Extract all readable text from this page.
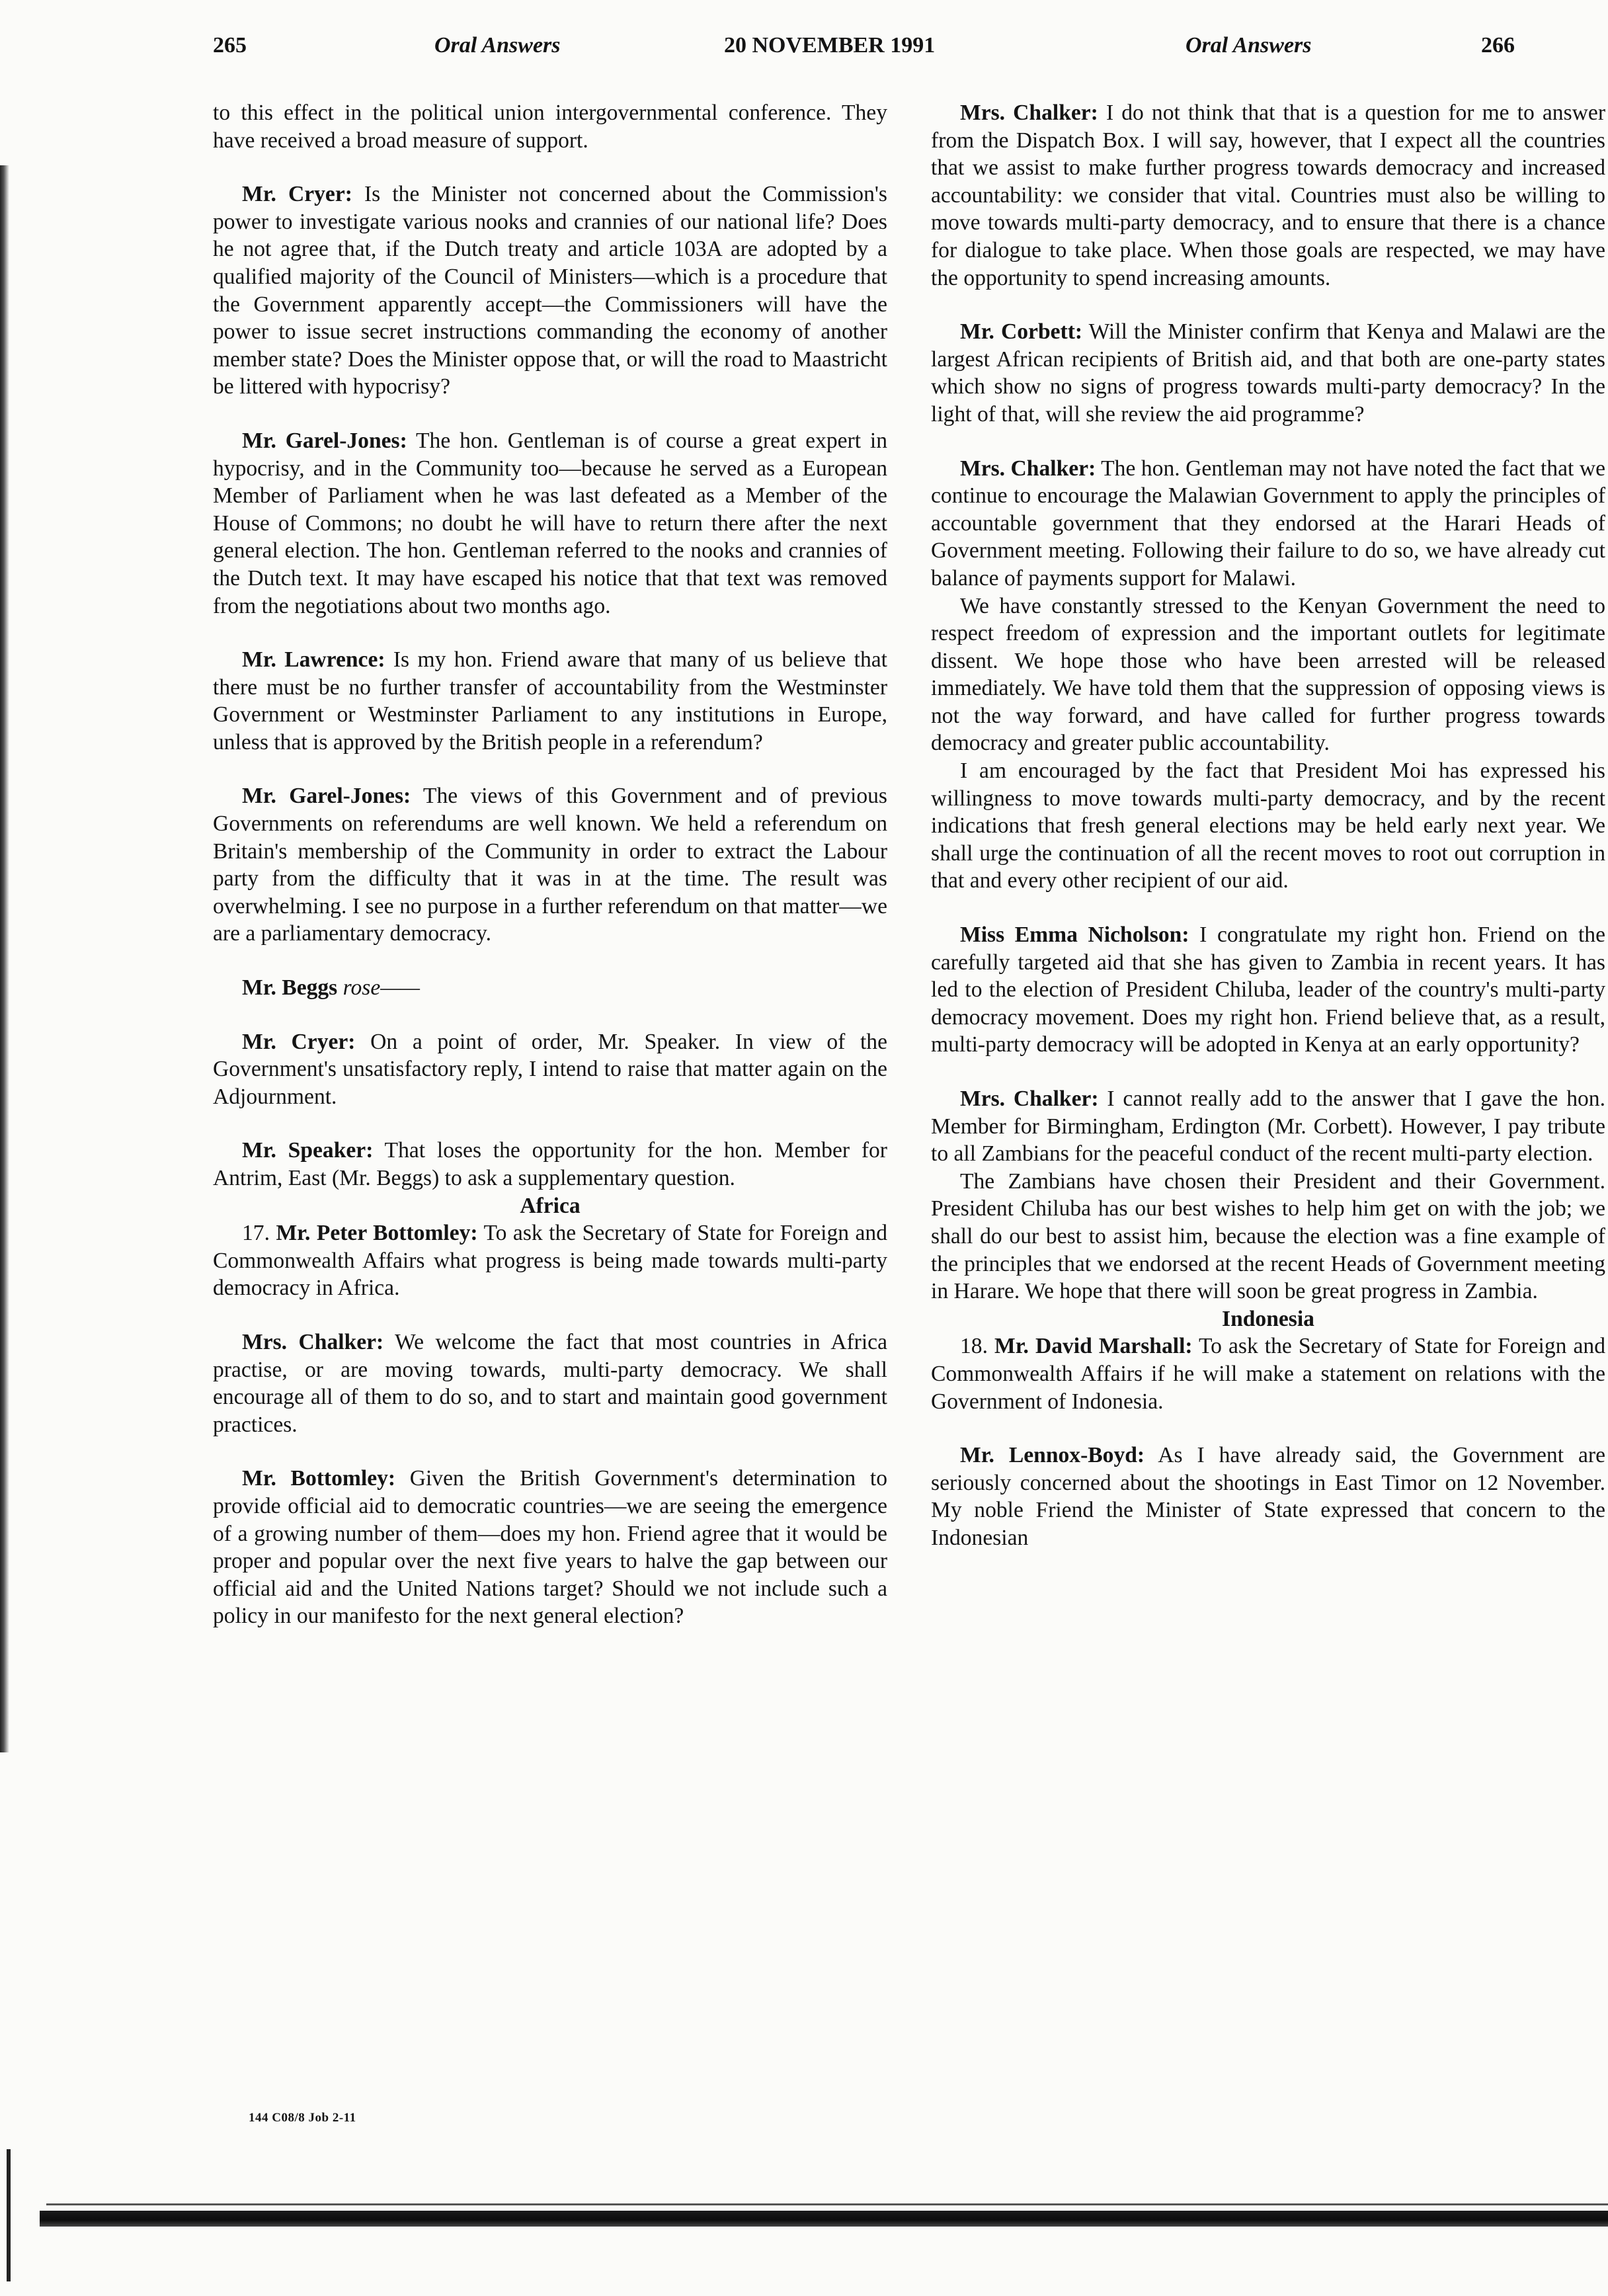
265	Oral Answers	20 NOVEMBER 1991	Oral Answers	266

to this effect in the political union intergovernmental conference. They have received a broad measure of support.

Mr. Cryer: Is the Minister not concerned about the Commission's power to investigate various nooks and crannies of our national life? Does he not agree that, if the Dutch treaty and article 103A are adopted by a qualified majority of the Council of Ministers—which is a procedure that the Government apparently accept—the Commissioners will have the power to issue secret instructions commanding the economy of another member state? Does the Minister oppose that, or will the road to Maastricht be littered with hypocrisy?

Mr. Garel-Jones: The hon. Gentleman is of course a great expert in hypocrisy, and in the Community too—because he served as a European Member of Parliament when he was last defeated as a Member of the House of Commons; no doubt he will have to return there after the next general election. The hon. Gentleman referred to the nooks and crannies of the Dutch text. It may have escaped his notice that that text was removed from the negotiations about two months ago.

Mr. Lawrence: Is my hon. Friend aware that many of us believe that there must be no further transfer of accountability from the Westminster Government or Westminster Parliament to any institutions in Europe, unless that is approved by the British people in a referendum?

Mr. Garel-Jones: The views of this Government and of previous Governments on referendums are well known. We held a referendum on Britain's membership of the Community in order to extract the Labour party from the difficulty that it was in at the time. The result was overwhelming. I see no purpose in a further referendum on that matter—we are a parliamentary democracy.

Mr. Beggs rose——

Mr. Cryer: On a point of order, Mr. Speaker. In view of the Government's unsatisfactory reply, I intend to raise that matter again on the Adjournment.

Mr. Speaker: That loses the opportunity for the hon. Member for Antrim, East (Mr. Beggs) to ask a supplementary question.

Africa

17. Mr. Peter Bottomley: To ask the Secretary of State for Foreign and Commonwealth Affairs what progress is being made towards multi-party democracy in Africa.

Mrs. Chalker: We welcome the fact that most countries in Africa practise, or are moving towards, multi-party democracy. We shall encourage all of them to do so, and to start and maintain good government practices.

Mr. Bottomley: Given the British Government's determination to provide official aid to democratic countries—we are seeing the emergence of a growing number of them—does my hon. Friend agree that it would be proper and popular over the next five years to halve the gap between our official aid and the United Nations target? Should we not include such a policy in our manifesto for the next general election?

Mrs. Chalker: I do not think that that is a question for me to answer from the Dispatch Box. I will say, however, that I expect all the countries that we assist to make further progress towards democracy and increased accountability: we consider that vital. Countries must also be willing to move towards multi-party democracy, and to ensure that there is a chance for dialogue to take place. When those goals are respected, we may have the opportunity to spend increasing amounts.

Mr. Corbett: Will the Minister confirm that Kenya and Malawi are the largest African recipients of British aid, and that both are one-party states which show no signs of progress towards multi-party democracy? In the light of that, will she review the aid programme?

Mrs. Chalker: The hon. Gentleman may not have noted the fact that we continue to encourage the Malawian Government to apply the principles of accountable government that they endorsed at the Harari Heads of Government meeting. Following their failure to do so, we have already cut balance of payments support for Malawi.

We have constantly stressed to the Kenyan Government the need to respect freedom of expression and the important outlets for legitimate dissent. We hope those who have been arrested will be released immediately. We have told them that the suppression of opposing views is not the way forward, and have called for further progress towards democracy and greater public accountability.

I am encouraged by the fact that President Moi has expressed his willingness to move towards multi-party democracy, and by the recent indications that fresh general elections may be held early next year. We shall urge the continuation of all the recent moves to root out corruption in that and every other recipient of our aid.

Miss Emma Nicholson: I congratulate my right hon. Friend on the carefully targeted aid that she has given to Zambia in recent years. It has led to the election of President Chiluba, leader of the country's multi-party democracy movement. Does my right hon. Friend believe that, as a result, multi-party democracy will be adopted in Kenya at an early opportunity?

Mrs. Chalker: I cannot really add to the answer that I gave the hon. Member for Birmingham, Erdington (Mr. Corbett). However, I pay tribute to all Zambians for the peaceful conduct of the recent multi-party election.

The Zambians have chosen their President and their Government. President Chiluba has our best wishes to help him get on with the job; we shall do our best to assist him, because the election was a fine example of the principles that we endorsed at the recent Heads of Government meeting in Harare. We hope that there will soon be great progress in Zambia.

Indonesia

18. Mr. David Marshall: To ask the Secretary of State for Foreign and Commonwealth Affairs if he will make a statement on relations with the Government of Indonesia.

Mr. Lennox-Boyd: As I have already said, the Government are seriously concerned about the shootings in East Timor on 12 November. My noble Friend the Minister of State expressed that concern to the Indonesian

144 C08/8 Job 2-11
